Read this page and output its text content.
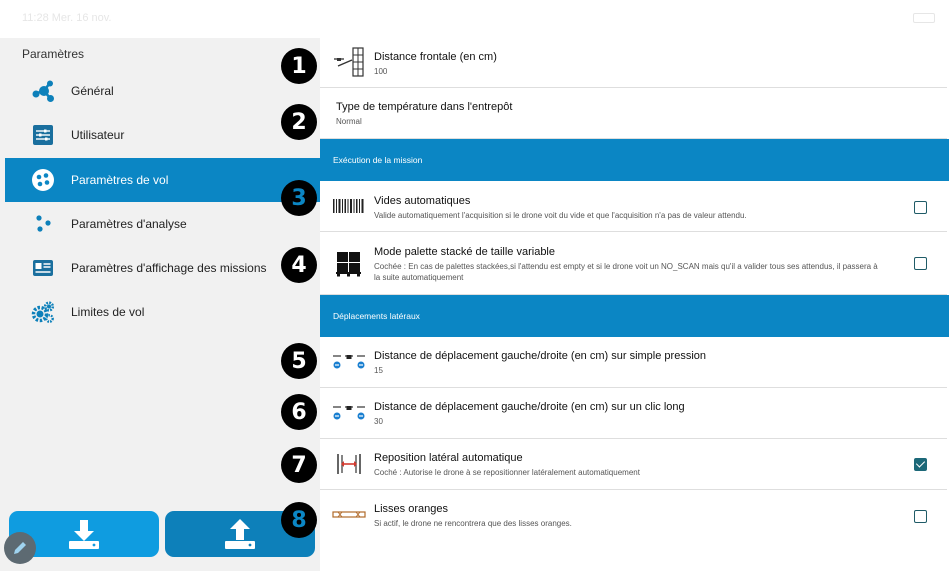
11:28 Mer. 16 nov.
Paramètres
Général
Utilisateur
Paramètres de vol
Paramètres d'analyse
Paramètres d'affichage des missions
Limites de vol
Distance frontale (en cm)
100
Type de température dans l'entrepôt
Normal
Exécution de la mission
Vides automatiques
Valide automatiquement l'acquisition si le drone voit du vide et que l'acquisition n'a pas de valeur attendu.
Mode palette stacké de taille variable
Cochée : En cas de palettes stackées,si l'attendu est empty et si le drone voit un NO_SCAN mais qu'il a valider tous ses attendus, il passera à la suite automatiquement
Déplacements latéraux
Distance de déplacement gauche/droite (en cm) sur simple pression
15
Distance de déplacement gauche/droite (en cm) sur un clic long
30
Reposition latéral automatique
Coché : Autorise le drone à se repositionner latéralement automatiquement
Lisses oranges
Si actif, le drone ne rencontrera que des lisses oranges.
1
2
3
4
5
6
7
8
